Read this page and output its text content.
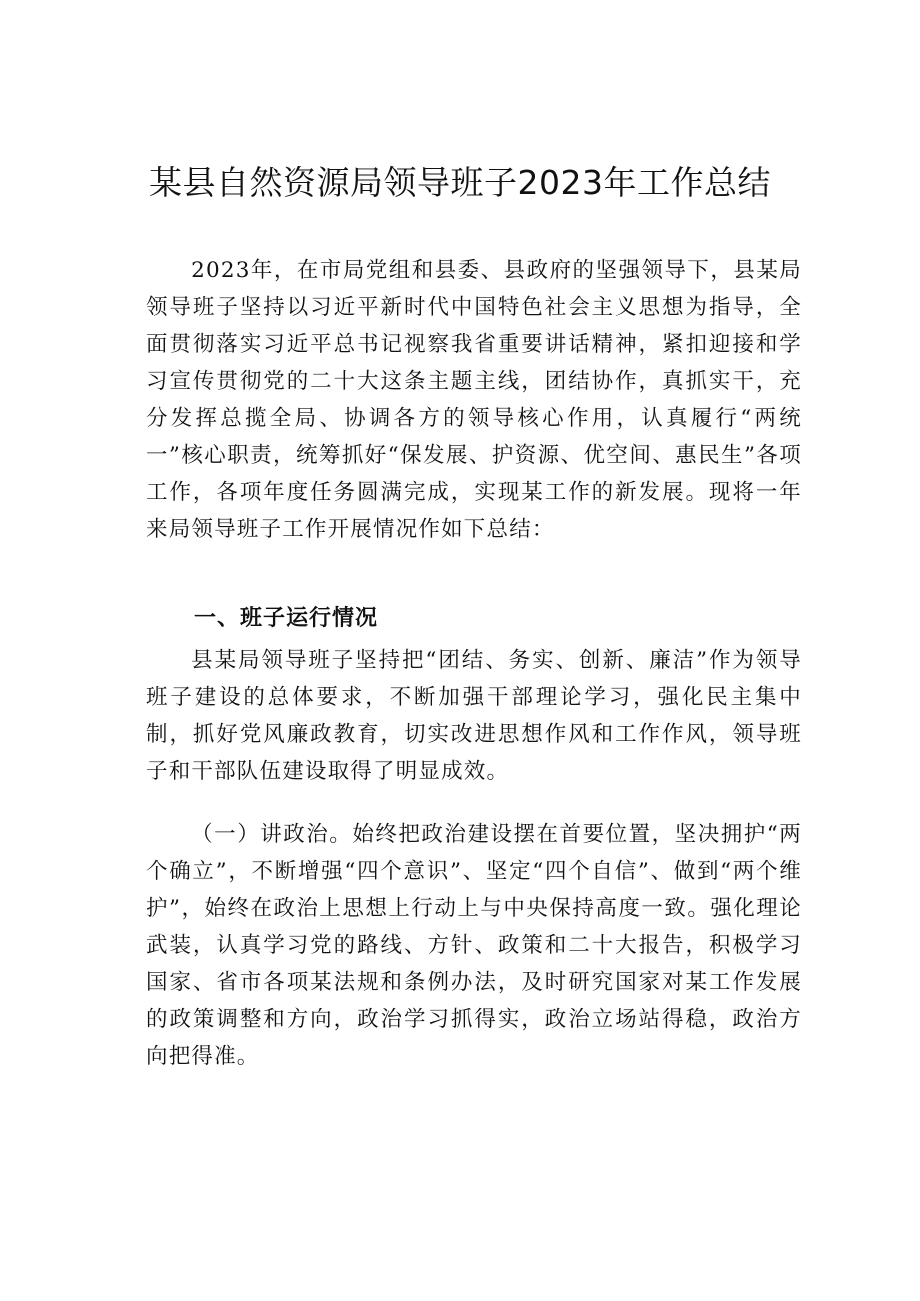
某县自然资源局领导班子2023年工作总结

2023年，在市局党组和县委、县政府的坚强领导下，县某局领导班子坚持以习近平新时代中国特色社会主义思想为指导，全面贯彻落实习近平总书记视察我省重要讲话精神，紧扣迎接和学习宣传贯彻党的二十大这条主题主线，团结协作，真抓实干，充分发挥总揽全局、协调各方的领导核心作用，认真履行“两统一”核心职责，统筹抓好“保发展、护资源、优空间、惠民生”各项工作，各项年度任务圆满完成，实现某工作的新发展。现将一年来局领导班子工作开展情况作如下总结：

一、班子运行情况

县某局领导班子坚持把“团结、务实、创新、廉洁”作为领导班子建设的总体要求，不断加强干部理论学习，强化民主集中制，抓好党风廉政教育，切实改进思想作风和工作作风，领导班子和干部队伍建设取得了明显成效。

（一）讲政治。始终把政治建设摆在首要位置，坚决拥护“两个确立”，不断增强“四个意识”、坚定“四个自信”、做到“两个维护”，始终在政治上思想上行动上与中央保持高度一致。强化理论武装，认真学习党的路线、方针、政策和二十大报告，积极学习国家、省市各项某法规和条例办法，及时研究国家对某工作发展的政策调整和方向，政治学习抓得实，政治立场站得稳，政治方向把得准。
